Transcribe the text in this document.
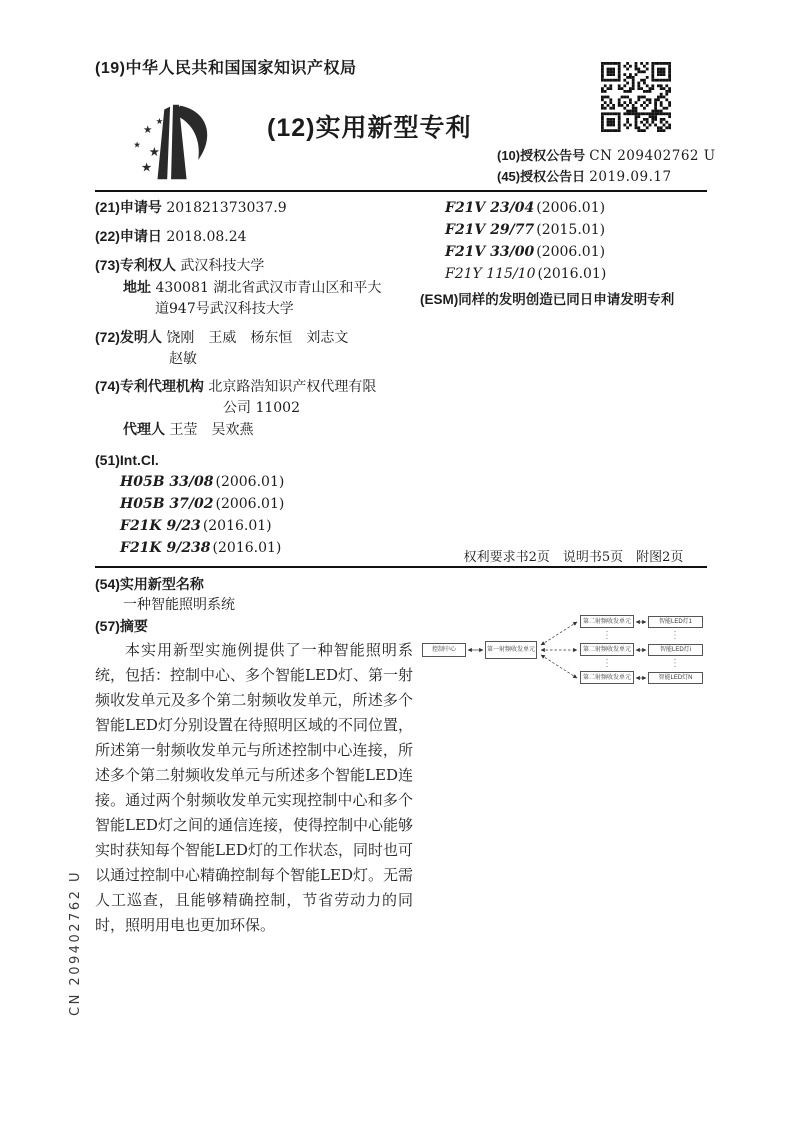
(19)中华人民共和国国家知识产权局
★
★
★ ★
★
(12)实用新型专利
(10)授权公告号 CN 209402762 U
(45)授权公告日 2019.09.17
(21)申请号 201821373037.9
(22)申请日 2018.08.24
(73)专利权人 武汉科技大学
地址 430081 湖北省武汉市青山区和平大
道947号武汉科技大学
(72)发明人 饶刚　王威　杨东恒　刘志文
赵敏
(74)专利代理机构 北京路浩知识产权代理有限
公司 11002
代理人 王莹　吴欢燕
(51)Int.Cl.
H05B 33/08 (2006.01)
H05B 37/02 (2006.01)
F21K 9/23 (2016.01)
F21K 9/238 (2016.01)
F21V 23/04 (2006.01)
F21V 29/77 (2015.01)
F21V 33/00 (2006.01)
F21Y 115/10 (2016.01)
(ESM)同样的发明创造已同日申请发明专利
权利要求书2页　说明书5页　附图2页
(54)实用新型名称
一种智能照明系统
(57)摘要
本实用新型实施例提供了一种智能照明系统，包括：控制中心、多个智能LED灯、第一射频收发单元及多个第二射频收发单元，所述多个智能LED灯分别设置在待照明区域的不同位置，所述第一射频收发单元与所述控制中心连接，所述多个第二射频收发单元与所述多个智能LED连接。通过两个射频收发单元实现控制中心和多个智能LED灯之间的通信连接，使得控制中心能够实时获知每个智能LED灯的工作状态，同时也可以通过控制中心精确控制每个智能LED灯。无需人工巡查，且能够精确控制，节省劳动力的同时，照明用电也更加环保。
控制中心	第一射频收发单元
第二射频收发单元
第二射频收发单元
第二射频收发单元
智能LED灯1
智能LED灯i
智能LED灯N
CN 209402762 U
